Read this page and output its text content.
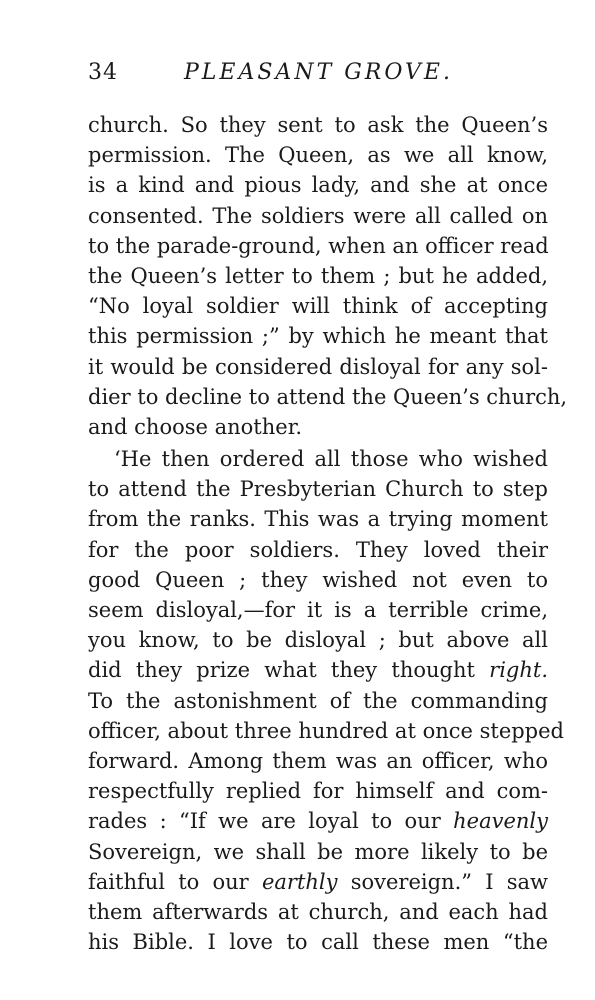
34	PLEASANT GROVE.
church. So they sent to ask the Queen’s
permission. The Queen, as we all know,
is a kind and pious lady, and she at once
consented. The soldiers were all called on
to the parade-ground, when an officer read
the Queen’s letter to them ; but he added,
“No loyal soldier will think of accepting
this permission ;” by which he meant that
it would be considered disloyal for any sol-
dier to decline to attend the Queen’s church,
and choose another.
‘He then ordered all those who wished
to attend the Presbyterian Church to step
from the ranks. This was a trying moment
for the poor soldiers. They loved their
good Queen ; they wished not even to
seem disloyal,—for it is a terrible crime,
you know, to be disloyal ; but above all
did they prize what they thought right.
To the astonishment of the commanding
officer, about three hundred at once stepped
forward. Among them was an officer, who
respectfully replied for himself and com-
rades : “If we are loyal to our heavenly
Sovereign, we shall be more likely to be
faithful to our earthly sovereign.” I saw
them afterwards at church, and each had
his Bible. I love to call these men “the
